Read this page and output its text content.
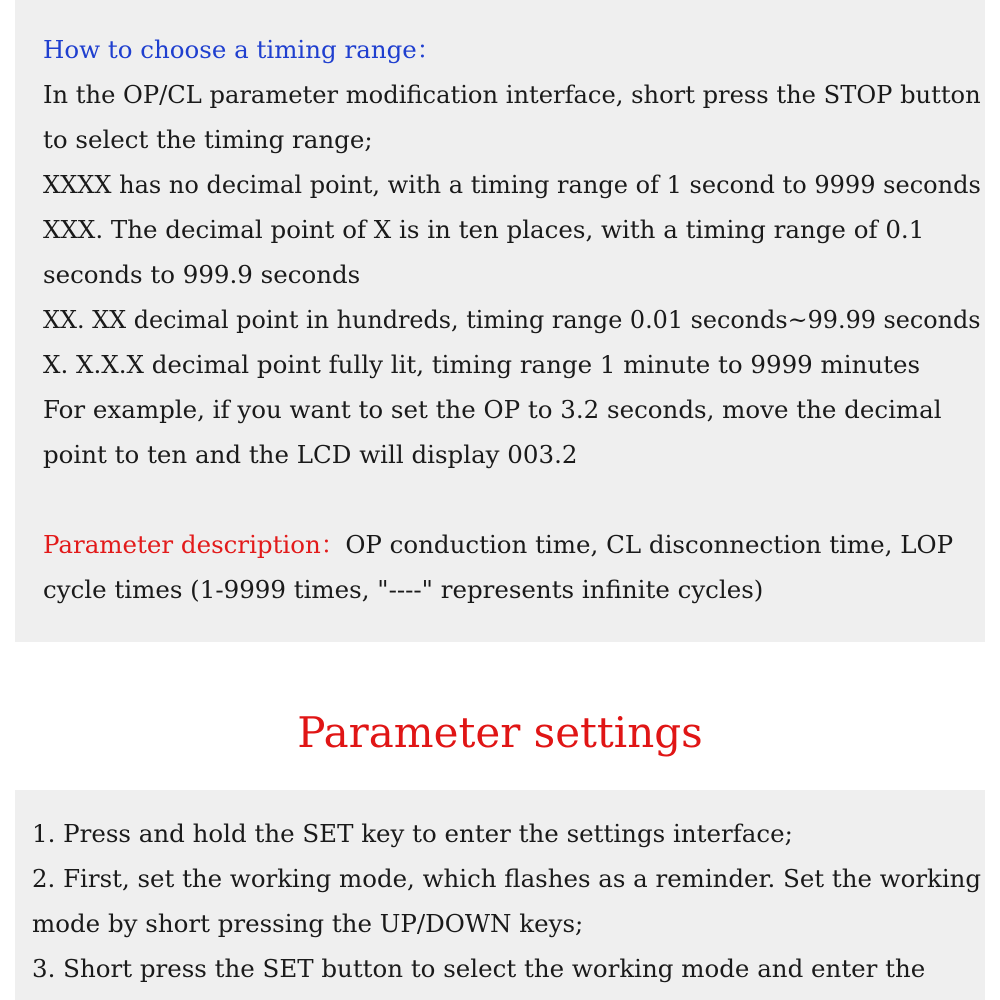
How to choose a timing range：
In the OP/CL parameter modification interface, short press the STOP button
to select the timing range;
XXXX has no decimal point, with a timing range of 1 second to 9999 seconds
XXX. The decimal point of X is in ten places, with a timing range of 0.1
seconds to 999.9 seconds
XX. XX decimal point in hundreds, timing range 0.01 seconds~99.99 seconds
X. X.X.X decimal point fully lit, timing range 1 minute to 9999 minutes
For example, if you want to set the OP to 3.2 seconds, move the decimal
point to ten and the LCD will display 003.2
Parameter description：OP conduction time, CL disconnection time, LOP
cycle times (1-9999 times, "----" represents infinite cycles)
Parameter settings
1. Press and hold the SET key to enter the settings interface;
2. First, set the working mode, which flashes as a reminder. Set the working
mode by short pressing the UP/DOWN keys;
3. Short press the SET button to select the working mode and enter the
